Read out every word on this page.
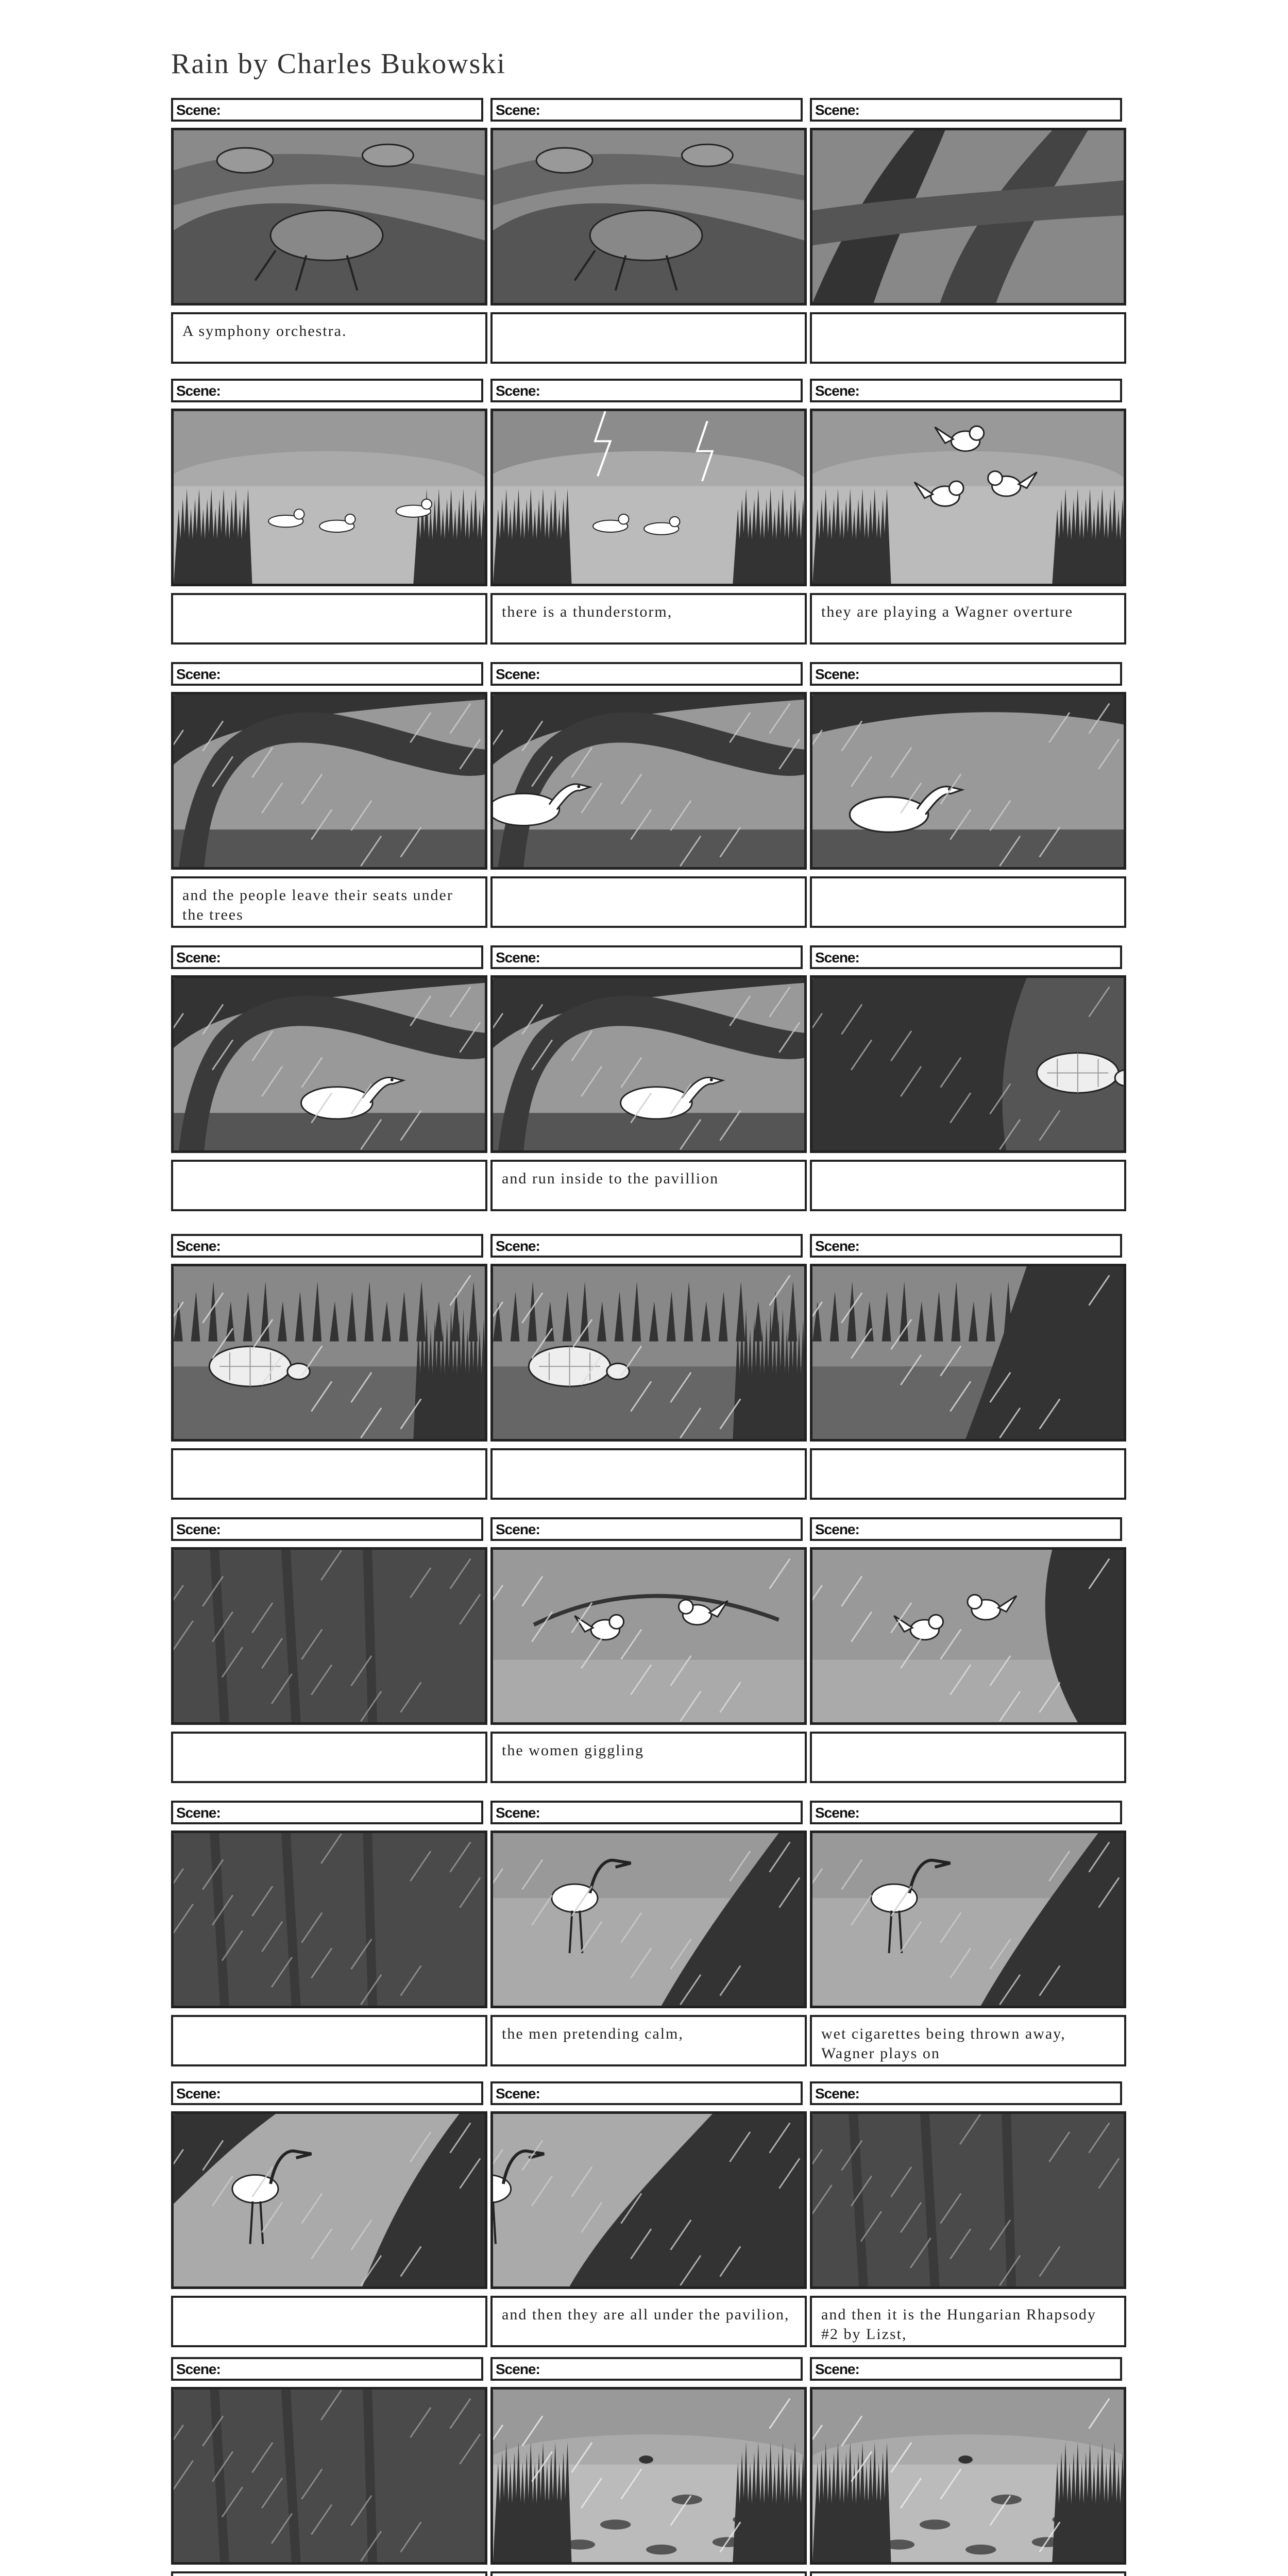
Rain by Charles Bukowski
Scene:
A symphony orchestra.
Scene:	Scene:
Scene:	Scene:
there is a thunderstorm,
Scene:
they are playing a Wagner overture
Scene:
and the people leave their seats under the trees
Scene:	Scene:
Scene:	Scene:
and run inside to the pavillion
Scene:
Scene:	Scene:	Scene:
Scene:	Scene:
the women giggling
Scene:
Scene:	Scene:
the men pretending calm,
Scene:
wet cigarettes being thrown away, Wagner plays on
Scene:	Scene:
and then they are all under the pavilion,
Scene:
and then it is the Hungarian Rhapsody #2 by Lizst,
Scene:	Scene:	Scene:
